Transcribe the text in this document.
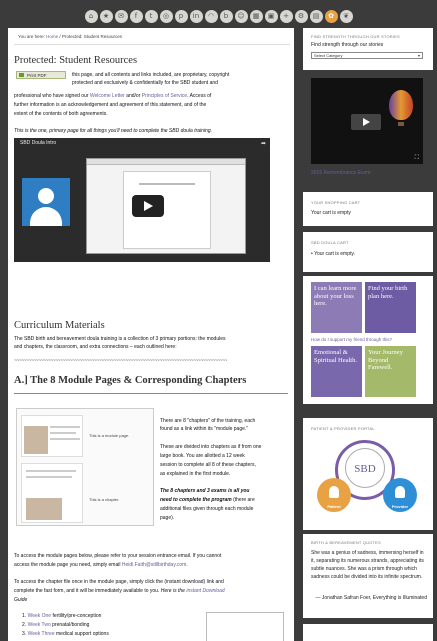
⌂ ★ ✉ f t ◎ p in ◠ b ☺ ▦ ▣ + ⚙ ▤ ✿ ❦
You are here: Home / Protected: Student Resources
Protected: Student Resources
Print PDF	this page, and all contents and links included, are proprietary, copyright
protected and exclusively & confidentially for the SBD student and
professional who have signed our Welcome Letter and/or Principles of Service. Access of
further information is an acknowledgement and agreement of this statement, and of the
extent of the contents of both agreements.
This is the one, primary page for all things you'll need to complete the SBD doula training.
SBD Doula Intro	➦
Curriculum Materials
The SBD birth and bereavement doula training is a collection of 3 primary portions: the modules
and chapters, the classroom, and extra connections – each outlined here:
~~~~~~~~~~~~~~~~~~~~~~~~~~~~~~~~~~~~~~~~~~~~~~~~~~~~~~~~~~~~~~~~~~~~~~~~~~~~~~~~~~~~~~~~
A.] The 8 Module Pages & Corresponding Chapters
This is a module page.
This is a chapter.
There are 8 "chapters" of the training, each
found as a link within its "module page."
These are divided into chapters as if from one
large book. You are allotted a 12 week
session to complete all 8 of these chapters,
as explained in the first module.
The 8 chapters and 3 exams is all you
need to complete the program (there are
additional files given through each module
page).
To access the module pages below, please refer to your session entrance email. If you cannot
access the module page you need, simply email Heidi.Faith@stillbirthday.com.
To access the chapter file once in the module page, simply click the (instant download) link and
complete the fast form, and it will be immediately available to you. Here is the instant Download
Guide
1. Week One fertility/pre-conception
2. Week Two prenatal/bonding
3. Week Three medical support options
FIND STRENGTH THROUGH OUR STORIES
Find strength through our stories
Select Category	▾
⛶
2015 Remembrance Event
YOUR SHOPPING CART
Your cart is empty
SBD DOULA CART
• Your cart is empty.
I can learn more about your loss here.
Find your birth plan here.
How do I support my friend through this?
Emotional & Spiritual Health.
Your Journey Beyond Farewell.
PATIENT & PROVIDER PORTAL
SBD
Patient	Provider
BIRTH & BEREAVEMENT QUOTES
She was a genius of sadness, immersing herself in it, separating its numerous strands, appreciating its subtle nuances. She was a prism through which sadness could be divided into its infinite spectrum.
— Jonathan Safran Foer, Everything is Illuminated
